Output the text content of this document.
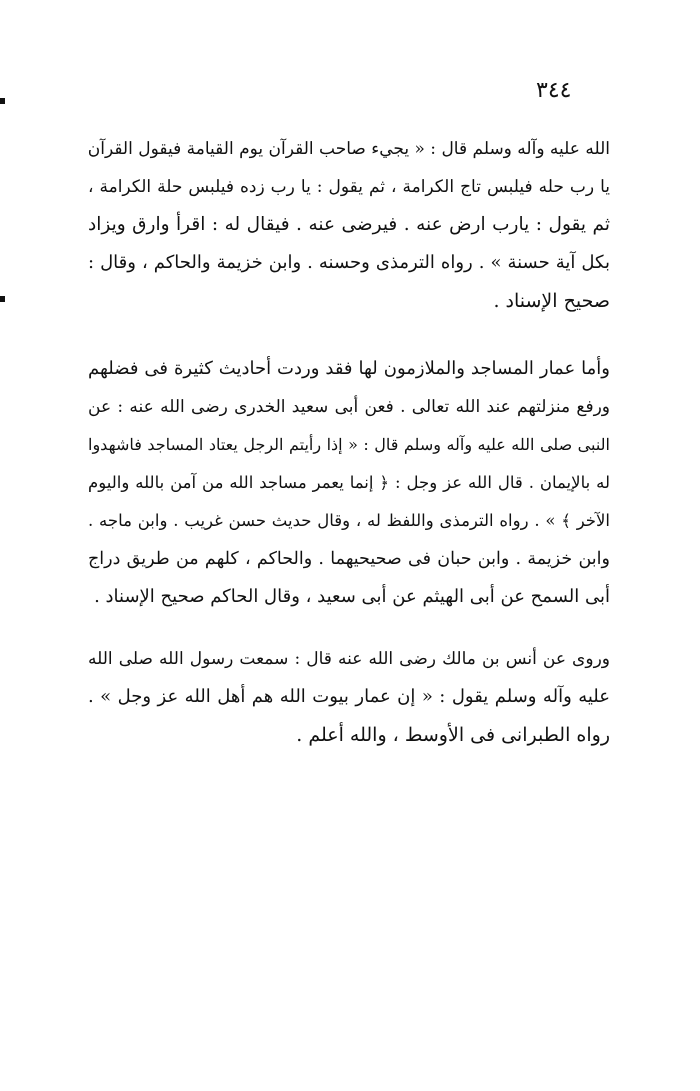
٣٤٤
الله عليه وآله وسلم قال : « يجيء صاحب القرآن يوم القيامة فيقول القرآن
يا رب حله فيلبس تاج الكرامة ، ثم يقول : يا رب زده فيلبس حلة الكرامة ،
ثم يقول : يارب ارض عنه . فيرضى عنه . فيقال له : اقرأ وارق ويزاد
بكل آية حسنة » . رواه الترمذى وحسنه . وابن خزيمة والحاكم ، وقال :
صحيح الإسناد .
وأما عمار المساجد والملازمون لها فقد وردت أحاديث كثيرة فى فضلهم
ورفع منزلتهم عند الله تعالى . فعن أبى سعيد الخدرى رضى الله عنه : عن
النبى صلى الله عليه وآله وسلم قال : « إذا رأيتم الرجل يعتاد المساجد فاشهدوا
له بالإيمان . قال الله عز وجل : ﴿ إنما يعمر مساجد الله من آمن بالله واليوم
الآخر ﴾ » . رواه الترمذى واللفظ له ، وقال حديث حسن غريب . وابن ماجه .
وابن خزيمة . وابن حبان فى صحيحيهما . والحاكم ، كلهم من طريق دراج
أبى السمح عن أبى الهيثم عن أبى سعيد ، وقال الحاكم صحيح الإسناد .
وروى عن أنس بن مالك رضى الله عنه قال : سمعت رسول الله صلى الله
عليه وآله وسلم يقول : « إن عمار بيوت الله هم أهل الله عز وجل » .
رواه الطبرانى فى الأوسط ، والله أعلم .
